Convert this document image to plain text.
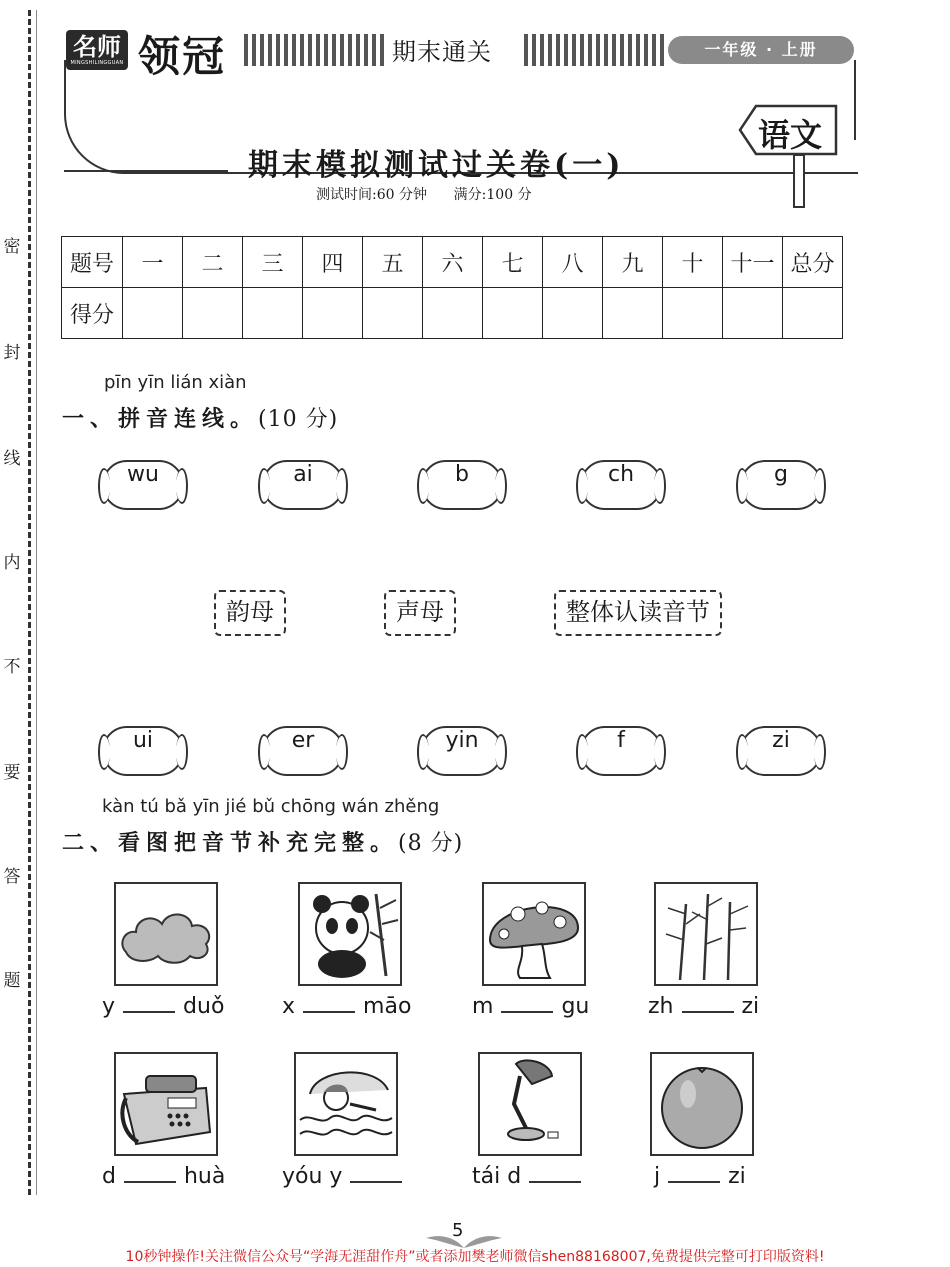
密
封
线
内
不
要
答
题
名师
MINGSHILINGGUAN 领冠	期末通关	一年级 · 上册
语文
期末模拟测试过关卷(一)
测试时间:60 分钟      满分:100 分
题号	一	二	三	四	五	六	七	八	九	十	十一	总分
得分												
pīn yīn lián xiàn
一、拼音连线。(10 分)
wu	ai	b	ch	g
韵母	声母	整体认读音节
ui	er	yin	f	zi
kàn tú bǎ yīn jié bǔ chōng wán zhěng
二、看图把音节补充完整。(8 分)
y	duǒ	x	māo	m	gu	zh	zi
d	huà	yóu y	tái d	j	zi
5
10秒钟操作!关注微信公众号“学海无涯甜作舟”或者添加樊老师微信shen88168007,免费提供完整可打印版资料!
